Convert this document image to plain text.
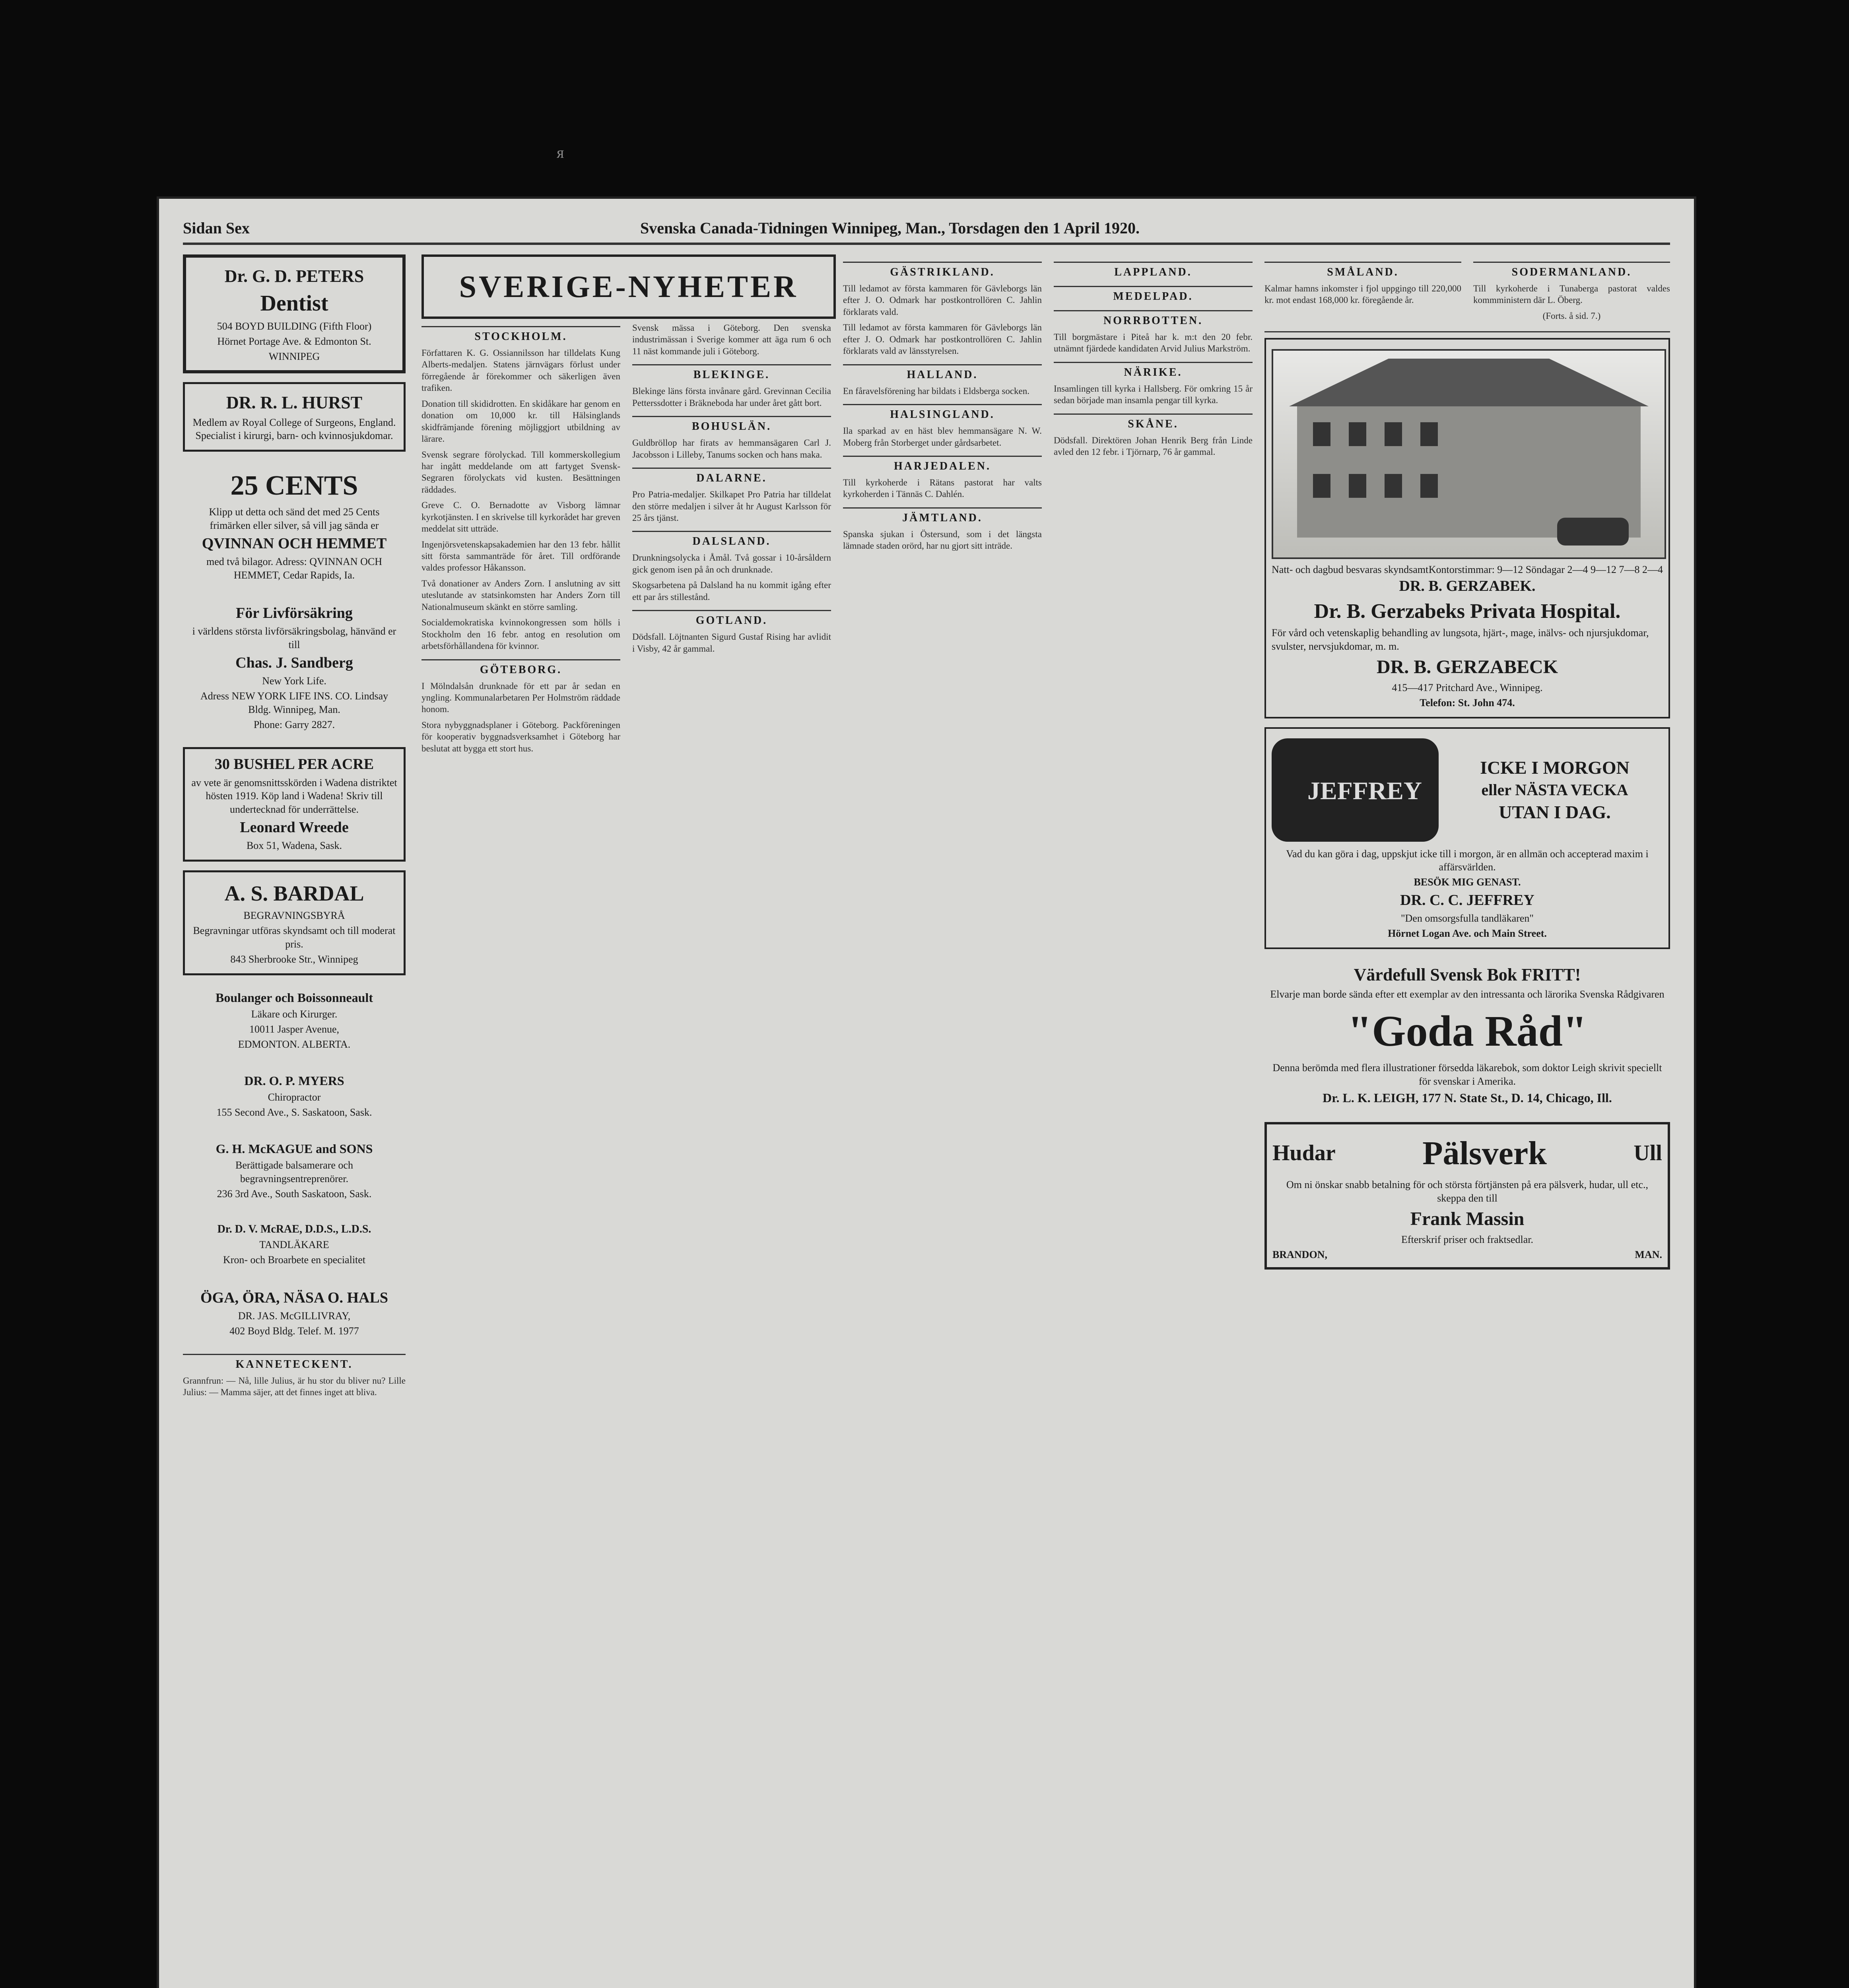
ᴙ
Sidan Sex	Svenska Canada-Tidningen Winnipeg, Man., Torsdagen den 1 April 1920.
Dr. G. D. PETERS
Dentist

504 BOYD BUILDING (Fifth Floor)

Hörnet Portage Ave. & Edmonton St.

WINNIPEG

DR. R. L. HURST

Medlem av Royal College of Surgeons, England. Specialist i kirurgi, barn- och kvinnosjukdomar.

25 CENTS

Klipp ut detta och sänd det med 25 Cents frimärken eller silver, så vill jag sända er

QVINNAN OCH HEMMET

med två bilagor. Adress: QVINNAN OCH HEMMET, Cedar Rapids, Ia.

För Livförsäkring

i världens största livförsäkringsbolag, hänvänd er till

Chas. J. Sandberg

New York Life.

Adress NEW YORK LIFE INS. CO. Lindsay Bldg. Winnipeg, Man.

Phone: Garry 2827.

30 BUSHEL PER ACRE

av vete är genomsnittsskörden i Wadena distriktet hösten 1919. Köp land i Wadena! Skriv till undertecknad för underrättelse.

Leonard Wreede

Box 51, Wadena, Sask.

A. S. BARDAL

BEGRAVNINGSBYRÅ

Begravningar utföras skyndsamt och till moderat pris.

843 Sherbrooke Str., Winnipeg

Boulanger och Boissonneault

Läkare och Kirurger.

10011 Jasper Avenue,

EDMONTON. ALBERTA.

DR. O. P. MYERS

Chiropractor

155 Second Ave., S. Saskatoon, Sask.

G. H. McKAGUE and SONS

Berättigade balsamerare och begravningsentreprenörer.

236 3rd Ave., South Saskatoon, Sask.

Dr. D. V. McRAE, D.D.S., L.D.S.

TANDLÄKARE

Kron- och Broarbete en specialitet

ÖGA, ÖRA, NÄSA O. HALS

DR. JAS. McGILLIVRAY,

402 Boyd Bldg. Telef. M. 1977

KANNETECKENT.

Grannfrun: — Nå, lille Julius, är hu stor du bliver nu? Lille Julius: — Mamma säjer, att det finnes inget att bliva.

SVERIGE-NYHETER
STOCKHOLM.

Författaren K. G. Ossiannilsson har tilldelats Kung Alberts-medaljen. Statens järnvägars förlust under förregående år förekommer och säkerligen även trafiken.

Donation till skididrotten. En skidåkare har genom en donation om 10,000 kr. till Hälsinglands skidfrämjande förening möjliggjort utbildning av lärare.

Svensk segrare förolyckad. Till kommerskollegium har ingått meddelande om att fartyget Svensk-Segraren förolyckats vid kusten. Besättningen räddades.

Greve C. O. Bernadotte av Visborg lämnar kyrkotjänsten. I en skrivelse till kyrkorådet har greven meddelat sitt utträde.

Ingenjörsvetenskapsakademien har den 13 febr. hållit sitt första sammanträde för året. Till ordförande valdes professor Håkansson.

Två donationer av Anders Zorn. I anslutning av sitt uteslutande av statsinkomsten har Anders Zorn till Nationalmuseum skänkt en större samling.

Socialdemokratiska kvinnokongressen som hölls i Stockholm den 16 febr. antog en resolution om arbetsförhållandena för kvinnor.

GÖTEBORG.

I Mölndalsån drunknade för ett par år sedan en yngling. Kommunalarbetaren Per Holmström räddade honom.

Stora nybyggnadsplaner i Göteborg. Packföreningen för kooperativ byggnadsverksamhet i Göteborg har beslutat att bygga ett stort hus.

Svensk mässa i Göteborg. Den svenska industrimässan i Sverige kommer att äga rum 6 och 11 näst kommande juli i Göteborg.

BLEKINGE.

Blekinge läns första invånare gård. Grevinnan Cecilia Petterssdotter i Bräkneboda har under året gått bort.

BOHUSLÄN.

Guldbröllop har firats av hemmansägaren Carl J. Jacobsson i Lilleby, Tanums socken och hans maka.

DALARNE.

Pro Patria-medaljer. Skilkapet Pro Patria har tilldelat den större medaljen i silver åt hr August Karlsson för 25 års tjänst.

DALSLAND.

Drunkningsolycka i Åmål. Två gossar i 10-årsåldern gick genom isen på ån och drunknade.

Skogsarbetena på Dalsland ha nu kommit igång efter ett par års stillestånd.

GOTLAND.

Dödsfall. Löjtnanten Sigurd Gustaf Rising har avlidit i Visby, 42 år gammal.

GÄSTRIKLAND.

Till ledamot av första kammaren för Gävleborgs län efter J. O. Odmark har postkontrollören C. Jahlin förklarats vald.

Till ledamot av första kammaren för Gävleborgs län efter J. O. Odmark har postkontrollören C. Jahlin förklarats vald av länsstyrelsen.

HALLAND.

En fåravelsförening har bildats i Eldsberga socken.

HALSINGLAND.

Ila sparkad av en häst blev hemmansägare N. W. Moberg från Storberget under gårdsarbetet.

HARJEDALEN.

Till kyrkoherde i Rätans pastorat har valts kyrkoherden i Tännäs C. Dahlén.

JÄMTLAND.

Spanska sjukan i Östersund, som i det längsta lämnade staden orörd, har nu gjort sitt inträde.

LAPPLAND.
MEDELPAD.
NORRBOTTEN.

Till borgmästare i Piteå har k. m:t den 20 febr. utnämnt fjärdede kandidaten Arvid Julius Markström.

NÄRIKE.

Insamlingen till kyrka i Hallsberg. För omkring 15 år sedan började man insamla pengar till kyrka.

SKÅNE.

Dödsfall. Direktören Johan Henrik Berg från Linde avled den 12 febr. i Tjörnarp, 76 år gammal.

SMÅLAND.

Kalmar hamns inkomster i fjol uppgingo till 220,000 kr. mot endast 168,000 kr. föregående år.

SODERMANLAND.

Till kyrkoherde i Tunaberga pastorat valdes kommministern där L. Öberg.

(Forts. å sid. 7.)

Natt- och dagbud besvaras skyndsamt Kontorstimmar: 9—12 Söndagar 2—4 9—12 7—8 2—4
DR. B. GERZABEK.
Dr. B. Gerzabeks Privata Hospital.

För vård och vetenskaplig behandling av lungsota, hjärt-, mage, inälvs- och njursjukdomar, svulster, nervsjukdomar, m. m.

DR. B. GERZABECK

415—417 Pritchard Ave., Winnipeg.

Telefon: St. John 474.

JEFFREY
ICKE I MORGON
eller NÄSTA VECKA
UTAN I DAG.

Vad du kan göra i dag, uppskjut icke till i morgon, är en allmän och accepterad maxim i affärsvärlden.

BESÖK MIG GENAST.

DR. C. C. JEFFREY

"Den omsorgsfulla tandläkaren"

Hörnet Logan Ave. och Main Street.

Värdefull Svensk Bok FRITT!

Elvarje man borde sända efter ett exemplar av den intressanta och lärorika Svenska Rådgivaren

"Goda Råd"

Denna berömda med flera illustrationer försedda läkarebok, som doktor Leigh skrivit speciellt för svenskar i Amerika.

Dr. L. K. LEIGH, 177 N. State St., D. 14, Chicago, Ill.

Hudar	Pälsverk	Ull

Om ni önskar snabb betalning för och största förtjänsten på era pälsverk, hudar, ull etc., skeppa den till

Frank Massin

Efterskrif priser och fraktsedlar.

BRANDON,	MAN.
